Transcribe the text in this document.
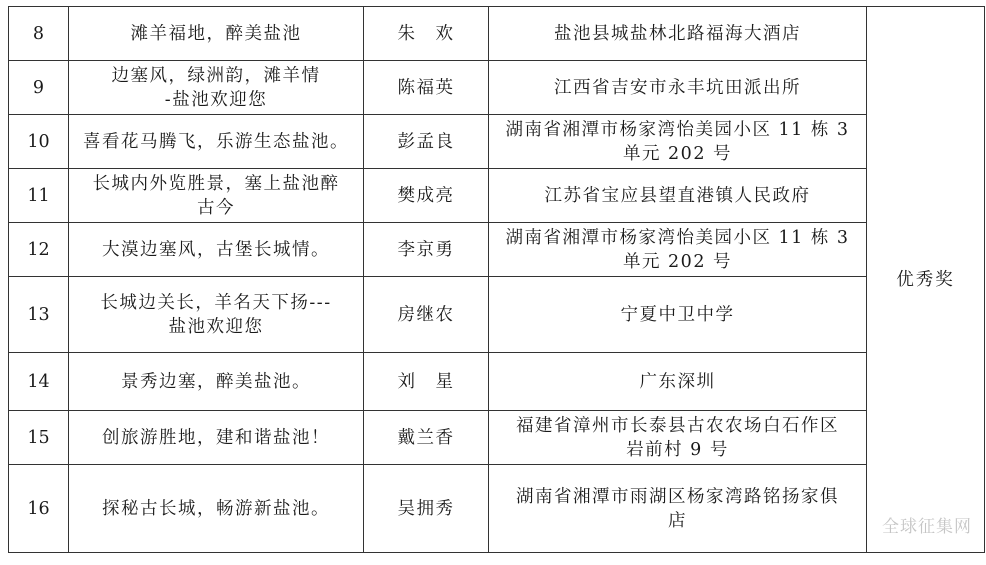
8	滩羊福地，醉美盐池	朱　欢	盐池县城盐林北路福海大酒店	优秀奖
9	边塞风，绿洲韵，滩羊情
-盐池欢迎您	陈福英	江西省吉安市永丰坑田派出所	
10	喜看花马腾飞，乐游生态盐池。	彭孟良	湖南省湘潭市杨家湾怡美园小区 11 栋 3
单元 202 号	
11	长城内外览胜景，塞上盐池醉
古今	樊成亮	江苏省宝应县望直港镇人民政府	
12	大漠边塞风，古堡长城情。	李京勇	湖南省湘潭市杨家湾怡美园小区 11 栋 3
单元 202 号	
13	长城边关长，羊名天下扬---
盐池欢迎您	房继农	宁夏中卫中学	
14	景秀边塞，醉美盐池。	刘　星	广东深圳	
15	创旅游胜地，建和谐盐池！	戴兰香	福建省漳州市长泰县古农农场白石作区
岩前村 9 号	
16	探秘古长城，畅游新盐池。	吴拥秀	湖南省湘潭市雨湖区杨家湾路铭扬家俱
店		全球征集网
